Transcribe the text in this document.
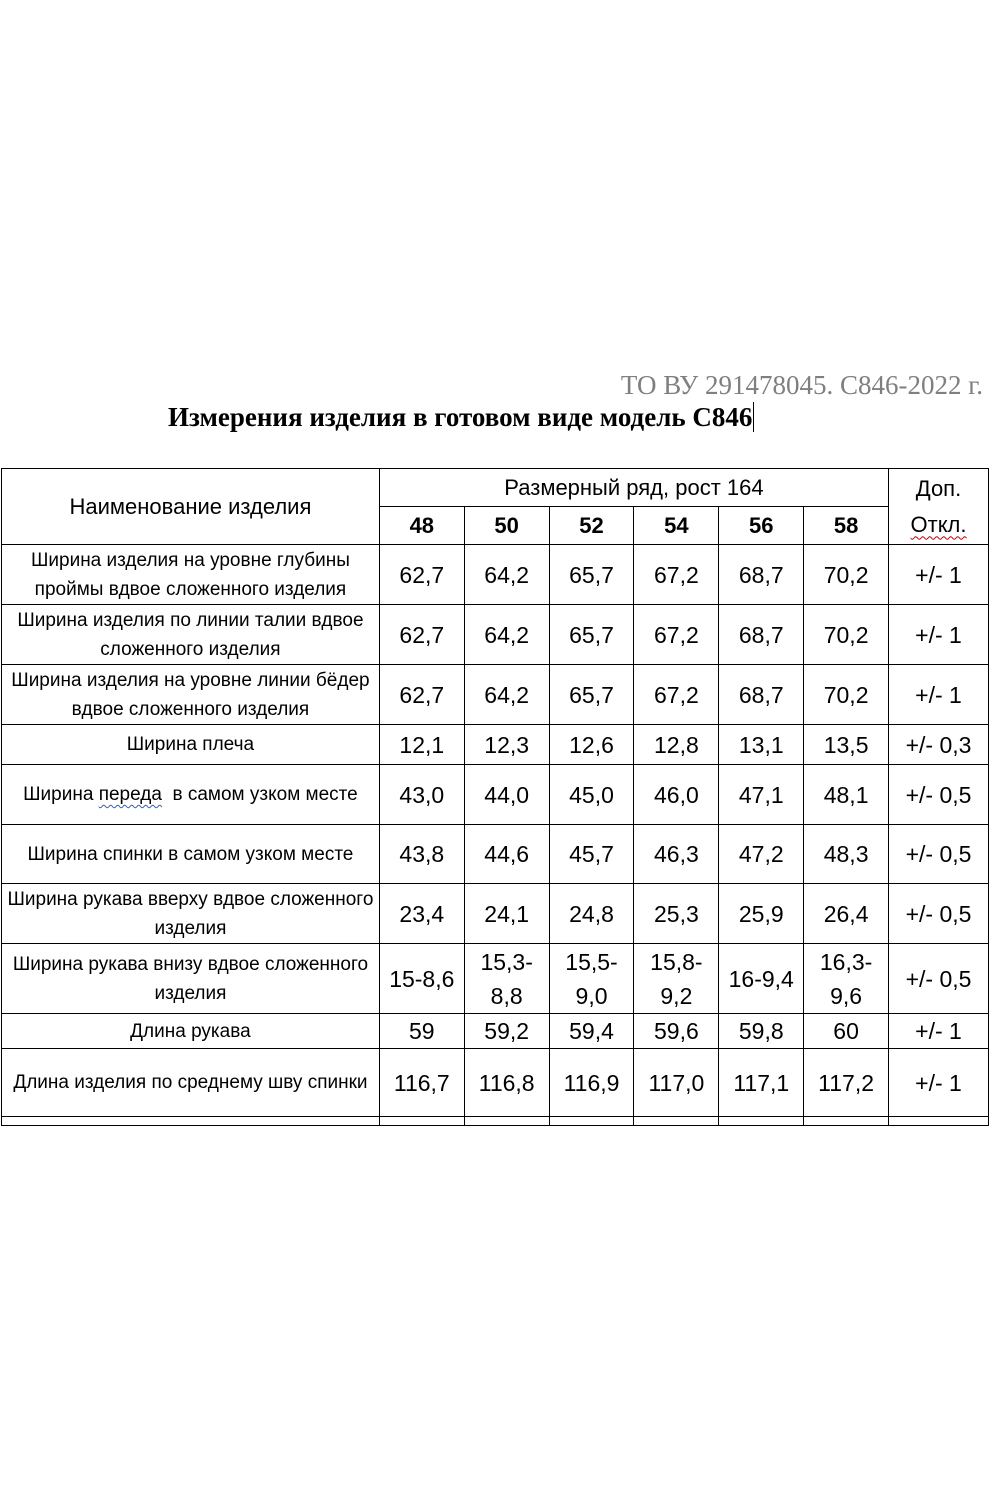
ТО ВУ 291478045. С846-2022 г.
Измерения изделия в готовом виде модель С846
Наименование изделия	Размерный ряд, рост 164						Доп.
Откл.

	48	50	52	54	56	58	
Ширина изделия на уровне глубины проймы вдвое сложенного изделия	62,7	64,2	65,7	67,2	68,7	70,2	+/- 1
Ширина изделия по линии талии вдвое сложенного изделия	62,7	64,2	65,7	67,2	68,7	70,2	+/- 1
Ширина изделия на уровне линии бёдер вдвое сложенного изделия	62,7	64,2	65,7	67,2	68,7	70,2	+/- 1
Ширина плеча	12,1	12,3	12,6	12,8	13,1	13,5	+/- 0,3
Ширина переда  в самом узком месте	43,0	44,0	45,0	46,0	47,1	48,1	+/- 0,5
Ширина спинки в самом узком месте	43,8	44,6	45,7	46,3	47,2	48,3	+/- 0,5
Ширина рукава вверху вдвое сложенного изделия	23,4	24,1	24,8	25,3	25,9	26,4	+/- 0,5
Ширина рукава внизу вдвое сложенного изделия	15-8,6	15,3-8,8	15,5-9,0	15,8-9,2	16-9,4	16,3-9,6	+/- 0,5
Длина рукава	59	59,2	59,4	59,6	59,8	60	+/- 1
Длина изделия по среднему шву спинки	116,7	116,8	116,9	117,0	117,1	117,2	+/- 1
